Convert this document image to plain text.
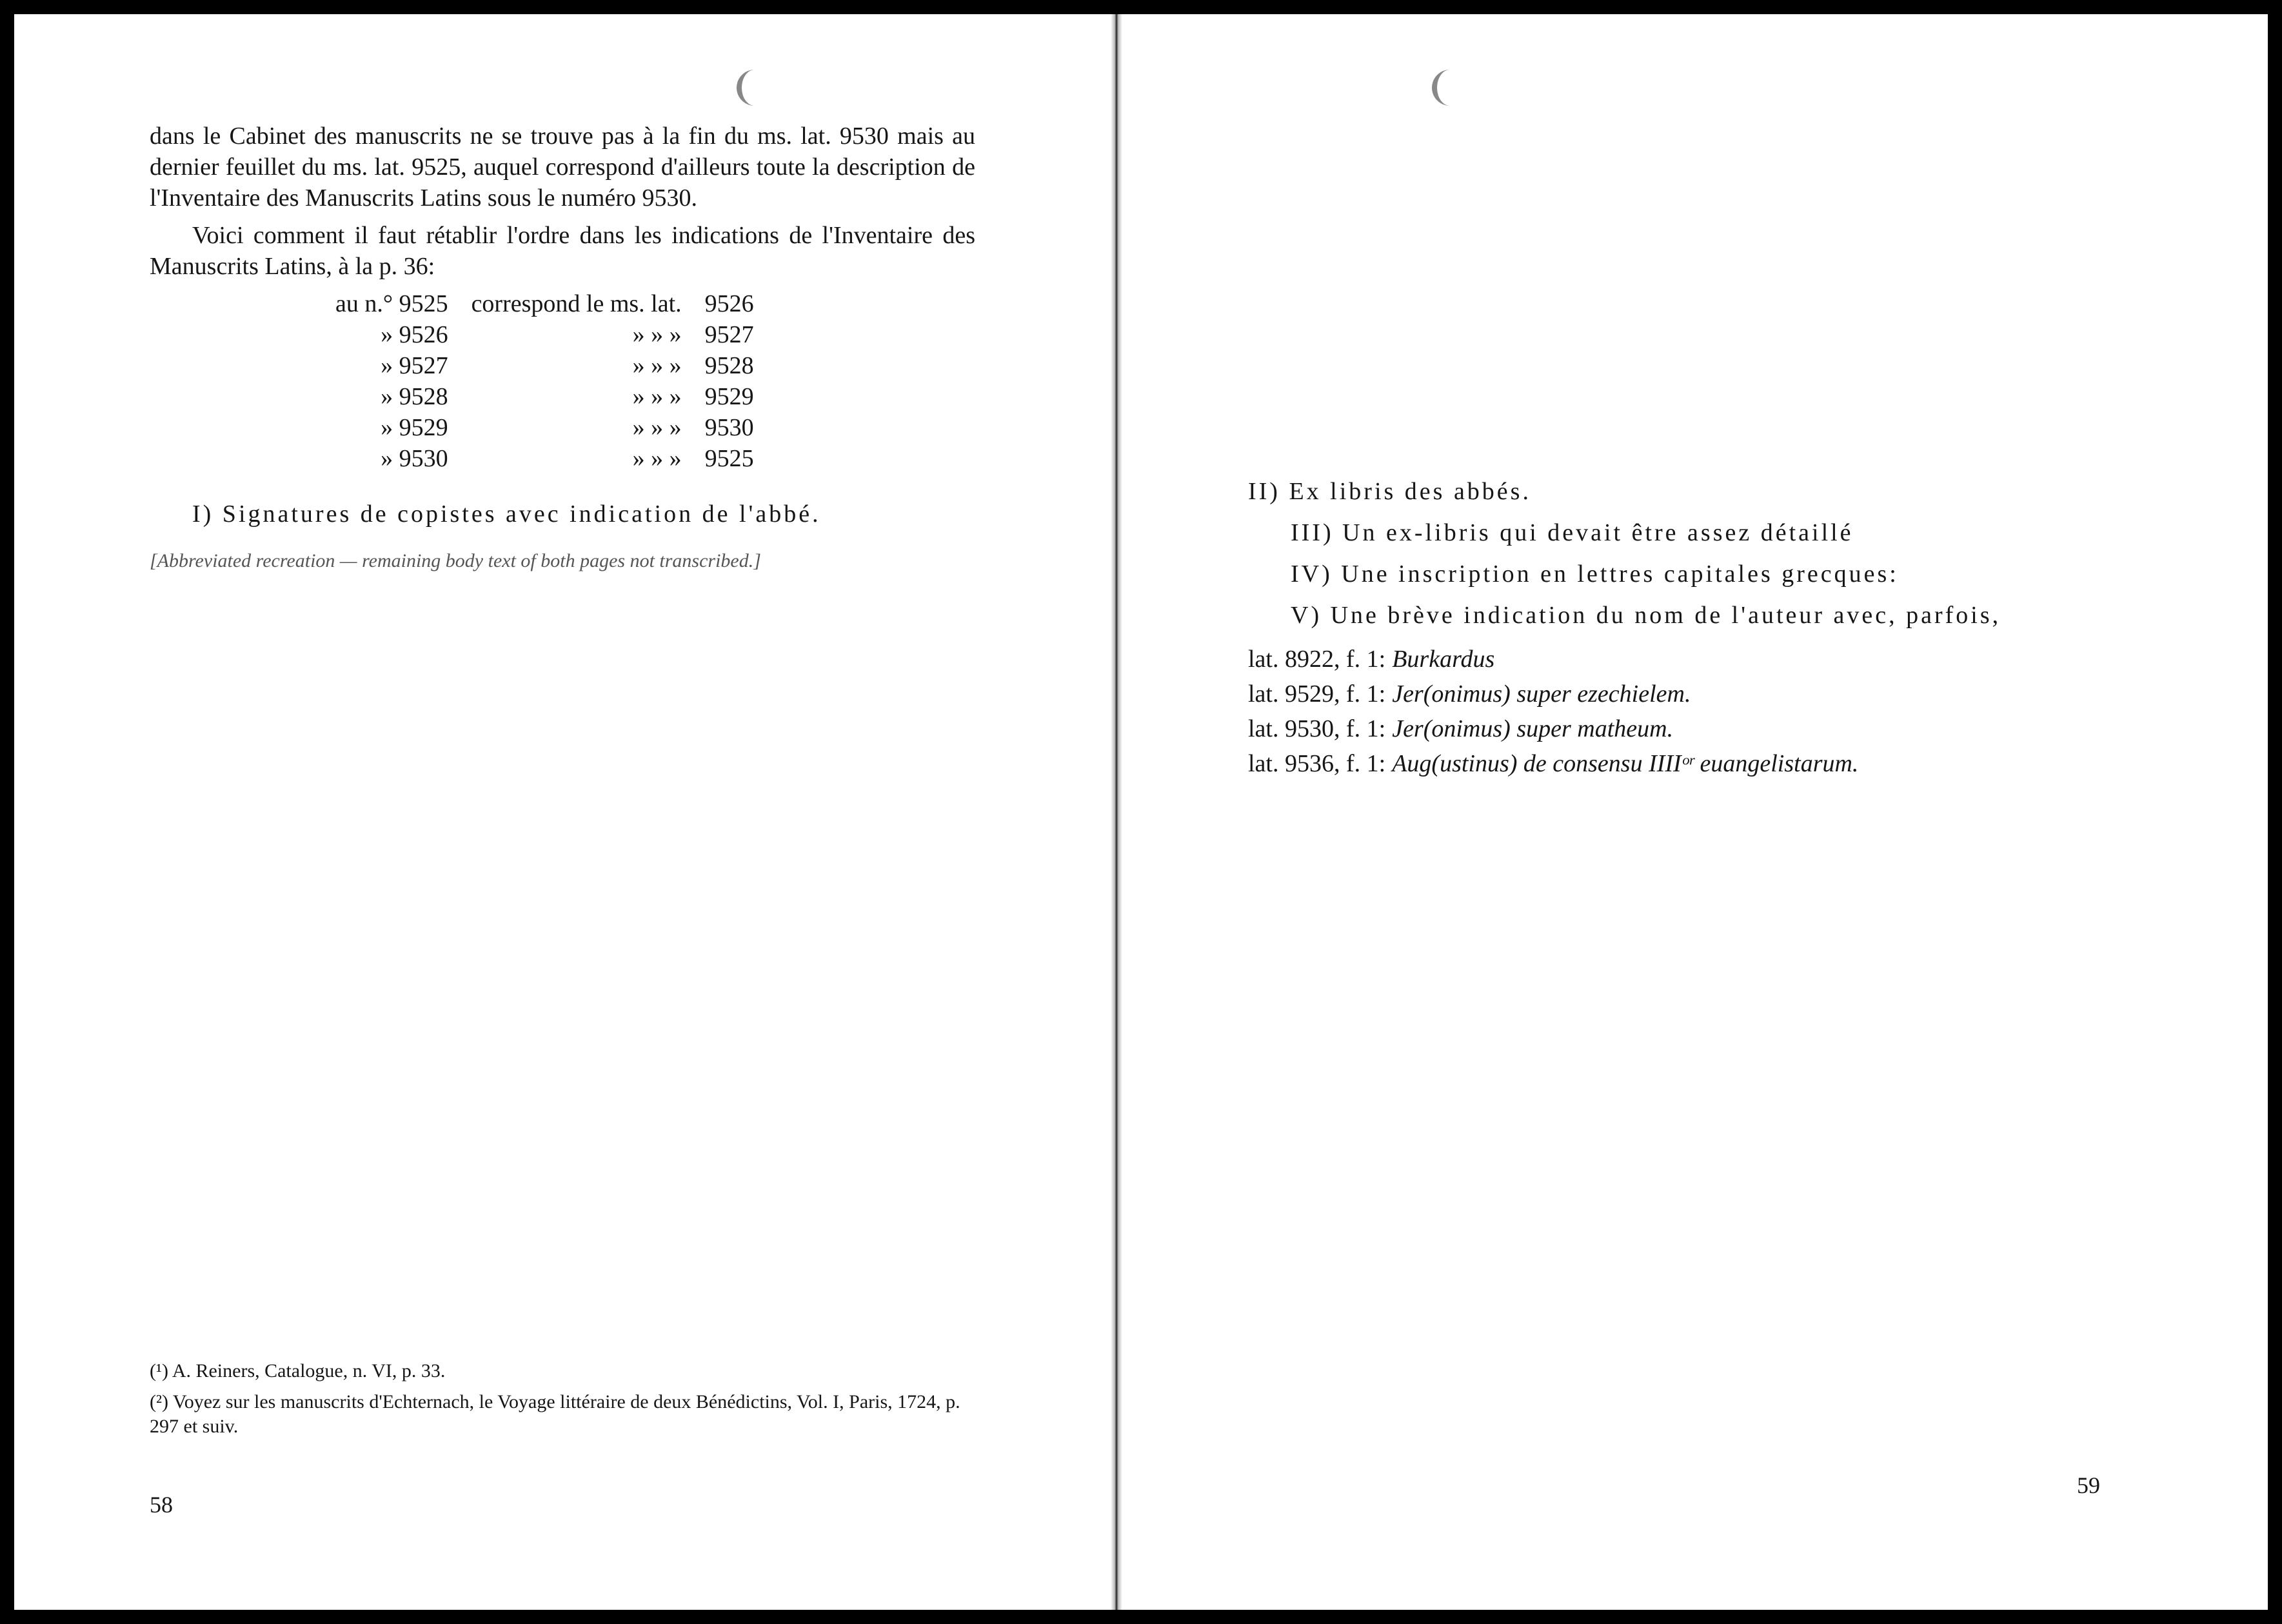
dans le Cabinet des manuscrits ne se trouve pas à la fin du ms. lat. 9530 mais au dernier feuillet du ms. lat. 9525, auquel correspond d'ailleurs toute la description de l'Inventaire des Manuscrits Latins sous le numéro 9530.

Voici comment il faut rétablir l'ordre dans les indications de l'Inventaire des Manuscrits Latins, à la p. 36:

au n.° 9525	correspond le ms. lat.	9526
» 9526	» » »	9527
» 9527	» » »	9528
» 9528	» » »	9529
» 9529	» » »	9530
» 9530	» » »	9525

I) Signatures de copistes avec indication de l'abbé.

[Abbreviated recreation — remaining body text of both pages not transcribed.]

(¹) A. Reiners, Catalogue, n. VI, p. 33.

(²) Voyez sur les manuscrits d'Echternach, le Voyage littéraire de deux Bénédictins, Vol. I, Paris, 1724, p. 297 et suiv.

58

II) Ex libris des abbés.

III) Un ex-libris qui devait être assez détaillé

IV) Une inscription en lettres capitales grecques:

V) Une brève indication du nom de l'auteur avec, parfois,

lat. 8922, f. 1: Burkardus
lat. 9529, f. 1: Jer(onimus) super ezechielem.
lat. 9530, f. 1: Jer(onimus) super matheum.
lat. 9536, f. 1: Aug(ustinus) de consensu IIIIᵒʳ euangelistarum.
59
